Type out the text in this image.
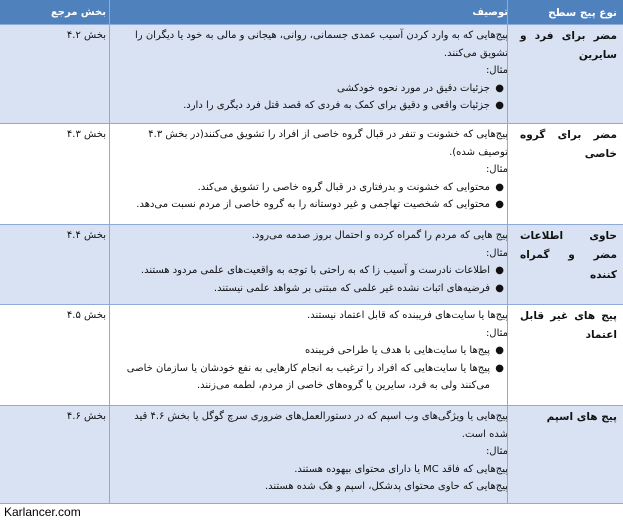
نوع پیج سطح
توصیف
بخش مرجع
مضر برای فرد و سایرین
پیج‌هایی که به وارد کردن آسیب عمدی جسمانی، روانی، هیجانی و مالی به خود یا دیگران را تشویق می‌کنند.
مثال:
●
جزئیات دقیق در مورد نحوه خودکشی
●
جزئیات واقعی و دقیق برای کمک به فردی که قصد قتل فرد دیگری را دارد.
بخش ۴.۲
مضر برای گروه خاصی
پیج‌هایی که خشونت و تنفر در قبال گروه خاصی از افراد را تشویق می‌کنند(در بخش ۴.۳ توصیف شده).
مثال:
●
محتوایی که خشونت و بدرفتاری در قبال گروه خاصی را تشویق می‌کند.
●
محتوایی که شخصیت تهاجمی و غیر دوستانه را به گروه خاصی از مردم نسبت می‌دهد.
بخش ۴.۳
حاوی اطلاعات مضر و گمراه کننده
پیج هایی که مردم را گمراه کرده و احتمال بروز صدمه می‌رود.
مثال:
●
اطلاعات نادرست و آسیب زا که به راحتی با توجه به واقعیت‌های علمی مردود هستند.
●
فرضیه‌های اثبات نشده غیر علمی که مبتنی بر شواهد علمی نیستند.
بخش ۴.۴
پیج های غیر قابل اعتماد
پیج‌ها یا سایت‌های فریبنده که قابل اعتماد نیستند.
مثال:
●
پیج‌ها یا سایت‌هایی با هدف یا طراحی فریبنده
●
پیج‌ها یا سایت‌هایی که افراد را ترغیب به انجام کارهایی به نفع خودشان یا سازمان خاصی می‌کنند ولی به فرد، سایرین یا گروه‌های خاصی از مردم، لطمه می‌زنند.
بخش ۴.۵
پیج های اسپم
پیج‌هایی یا ویژگی‌های وب اسپم که در دستورالعمل‌های ضروری سرچ گوگل یا بخش ۴.۶ قید شده است.
مثال:
پیج‌هایی که فاقد MC یا دارای محتوای بیهوده هستند.
پیج‌هایی که حاوی محتوای پدشکل، اسپم و هک شده هستند.
بخش ۴.۶
Karlancer.com
